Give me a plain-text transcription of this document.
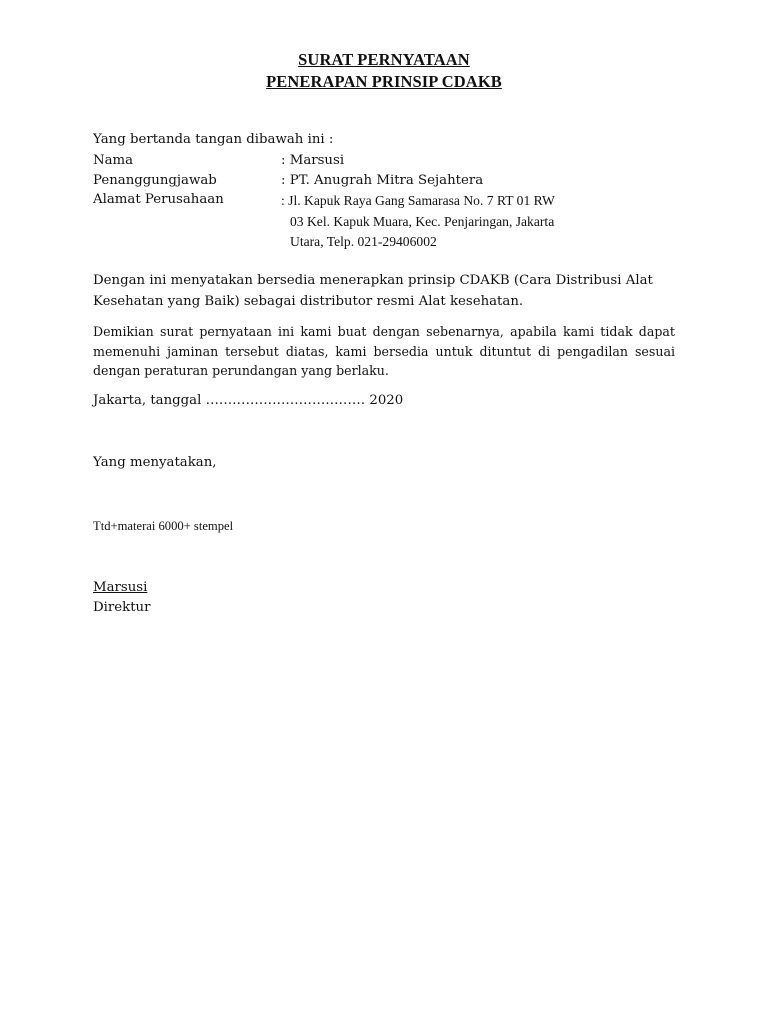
SURAT PERNYATAAN
PENERAPAN PRINSIP CDAKB
Yang bertanda tangan dibawah ini :
Nama	: Marsusi
Penanggungjawab	: PT. Anugrah Mitra Sejahtera
Alamat Perusahaan	: Jl. Kapuk Raya Gang Samarasa No. 7 RT 01 RW
03 Kel. Kapuk Muara, Kec. Penjaringan, Jakarta
Utara, Telp. 021-29406002
Dengan ini menyatakan bersedia menerapkan prinsip CDAKB (Cara Distribusi Alat Kesehatan yang Baik) sebagai distributor resmi Alat kesehatan.
Demikian surat pernyataan ini kami buat dengan sebenarnya, apabila kami tidak dapat memenuhi jaminan tersebut diatas, kami bersedia untuk dituntut di pengadilan sesuai dengan peraturan perundangan yang berlaku.
Jakarta, tanggal ……………………………… 2020
Yang menyatakan,
Ttd+materai 6000+ stempel
Marsusi
Direktur
